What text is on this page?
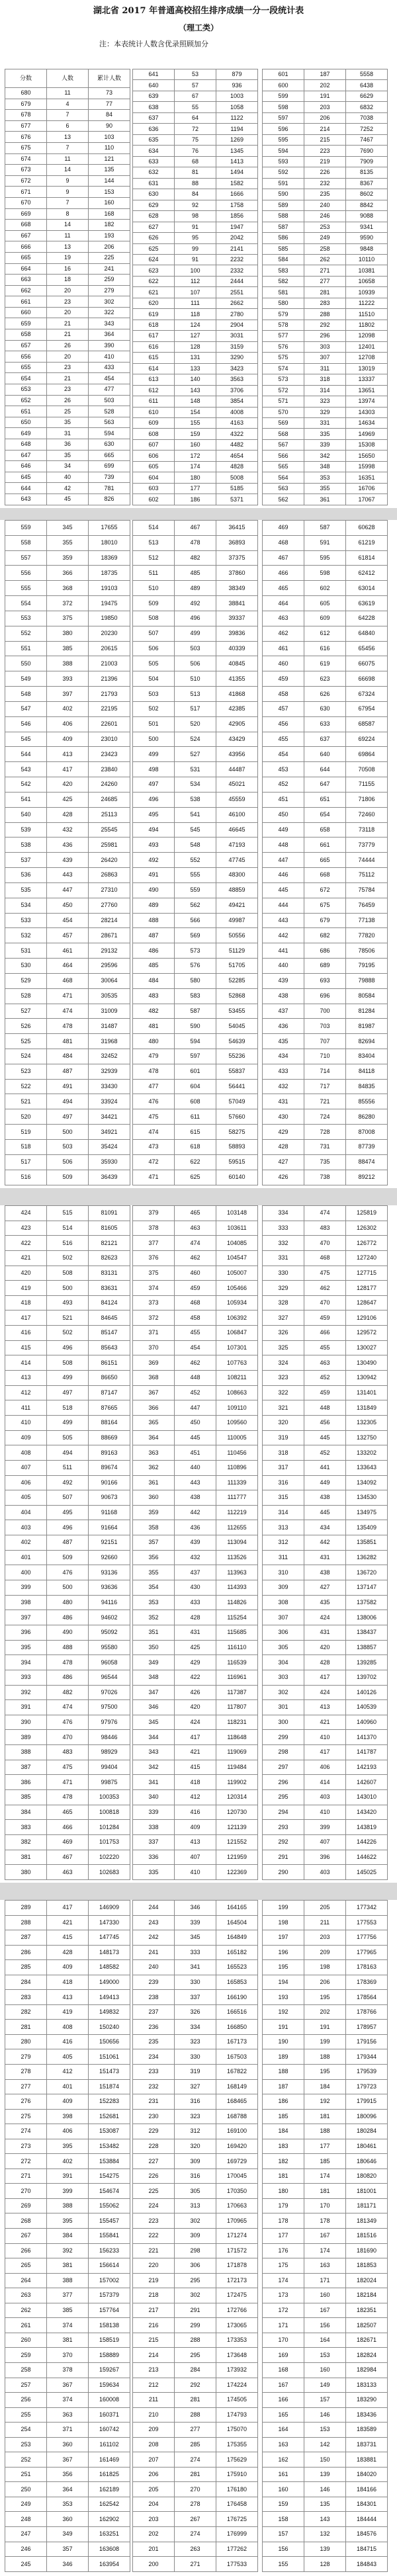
湖北省 2017 年普通高校招生排序成绩一分一段统计表
（理工类）
注：本表统计人数含优录照顾加分
分数	人数	累计人数
680	11	73
679	4	77
678	7	84
677	6	90
676	13	103
675	7	110
674	11	121
673	14	135
672	9	144
671	9	153
670	7	160
669	8	168
668	14	182
667	11	193
666	13	206
665	19	225
664	16	241
663	18	259
662	20	279
661	23	302
660	20	322
659	21	343
658	21	364
657	26	390
656	20	410
655	23	433
654	21	454
653	23	477
652	26	503
651	25	528
650	35	563
649	31	594
648	36	630
647	35	665
646	34	699
645	40	739
644	42	781
643	45	826
641	53	879
640	57	936
639	67	1003
638	55	1058
637	64	1122
636	72	1194
635	75	1269
634	76	1345
633	68	1413
632	81	1494
631	88	1582
630	84	1666
629	92	1758
628	98	1856
627	91	1947
626	95	2042
625	99	2141
624	91	2232
623	100	2332
622	112	2444
621	107	2551
620	111	2662
619	118	2780
618	124	2904
617	127	3031
616	128	3159
615	131	3290
614	133	3423
613	140	3563
612	143	3706
611	148	3854
610	154	4008
609	155	4163
608	159	4322
607	160	4482
606	172	4654
605	174	4828
604	180	5008
603	177	5185
602	186	5371
601	187	5558
600	202	6438
599	191	6629
598	203	6832
597	206	7038
596	214	7252
595	215	7467
594	223	7690
593	219	7909
592	226	8135
591	232	8367
590	235	8602
589	240	8842
588	246	9088
587	253	9341
586	249	9590
585	258	9848
584	262	10110
583	271	10381
582	277	10658
581	281	10939
580	283	11222
579	288	11510
578	292	11802
577	296	12098
576	303	12401
575	307	12708
574	311	13019
573	318	13337
572	314	13651
571	323	13974
570	329	14303
569	331	14634
568	335	14969
567	339	15308
566	342	15650
565	348	15998
564	353	16351
563	355	16706
562	361	17067
559	345	17655
558	355	18010
557	359	18369
556	366	18735
555	368	19103
554	372	19475
553	375	19850
552	380	20230
551	385	20615
550	388	21003
549	393	21396
548	397	21793
547	402	22195
546	406	22601
545	409	23010
544	413	23423
543	417	23840
542	420	24260
541	425	24685
540	428	25113
539	432	25545
538	436	25981
537	439	26420
536	443	26863
535	447	27310
534	450	27760
533	454	28214
532	457	28671
531	461	29132
530	464	29596
529	468	30064
528	471	30535
527	474	31009
526	478	31487
525	481	31968
524	484	32452
523	487	32939
522	491	33430
521	494	33924
520	497	34421
519	500	34921
518	503	35424
517	506	35930
516	509	36439
514	467	36415
513	478	36893
512	482	37375
511	485	37860
510	489	38349
509	492	38841
508	496	39337
507	499	39836
506	503	40339
505	506	40845
504	510	41355
503	513	41868
502	517	42385
501	520	42905
500	524	43429
499	527	43956
498	531	44487
497	534	45021
496	538	45559
495	541	46100
494	545	46645
493	548	47193
492	552	47745
491	555	48300
490	559	48859
489	562	49421
488	566	49987
487	569	50556
486	573	51129
485	576	51705
484	580	52285
483	583	52868
482	587	53455
481	590	54045
480	594	54639
479	597	55236
478	601	55837
477	604	56441
476	608	57049
475	611	57660
474	615	58275
473	618	58893
472	622	59515
471	625	60140
469	587	60628
468	591	61219
467	595	61814
466	598	62412
465	602	63014
464	605	63619
463	609	64228
462	612	64840
461	616	65456
460	619	66075
459	623	66698
458	626	67324
457	630	67954
456	633	68587
455	637	69224
454	640	69864
453	644	70508
452	647	71155
451	651	71806
450	654	72460
449	658	73118
448	661	73779
447	665	74444
446	668	75112
445	672	75784
444	675	76459
443	679	77138
442	682	77820
441	686	78506
440	689	79195
439	693	79888
438	696	80584
437	700	81284
436	703	81987
435	707	82694
434	710	83404
433	714	84118
432	717	84835
431	721	85556
430	724	86280
429	728	87008
428	731	87739
427	735	88474
426	738	89212
424	515	81091
423	514	81605
422	516	82121
421	502	82623
420	508	83131
419	500	83631
418	493	84124
417	521	84645
416	502	85147
415	496	85643
414	508	86151
413	499	86650
412	497	87147
411	518	87665
410	499	88164
409	505	88669
408	494	89163
407	511	89674
406	492	90166
405	507	90673
404	495	91168
403	496	91664
402	487	92151
401	509	92660
400	476	93136
399	500	93636
398	480	94116
397	486	94602
396	490	95092
395	488	95580
394	478	96058
393	486	96544
392	482	97026
391	474	97500
390	476	97976
389	470	98446
388	483	98929
387	475	99404
386	471	99875
385	478	100353
384	465	100818
383	466	101284
382	469	101753
381	467	102220
380	463	102683
379	465	103148
378	463	103611
377	474	104085
376	462	104547
375	460	105007
374	459	105466
373	468	105934
372	458	106392
371	455	106847
370	454	107301
369	462	107763
368	448	108211
367	452	108663
366	447	109110
365	450	109560
364	445	110005
363	451	110456
362	440	110896
361	443	111339
360	438	111777
359	442	112219
358	436	112655
357	439	113094
356	432	113526
355	437	113963
354	430	114393
353	433	114826
352	428	115254
351	431	115685
350	425	116110
349	429	116539
348	422	116961
347	426	117387
346	420	117807
345	424	118231
344	417	118648
343	421	119069
342	415	119484
341	418	119902
340	412	120314
339	416	120730
338	409	121139
337	413	121552
336	407	121959
335	410	122369
334	474	125819
333	483	126302
332	470	126772
331	468	127240
330	475	127715
329	462	128177
328	470	128647
327	459	129106
326	466	129572
325	455	130027
324	463	130490
323	452	130942
322	459	131401
321	448	131849
320	456	132305
319	445	132750
318	452	133202
317	441	133643
316	449	134092
315	438	134530
314	445	134975
313	434	135409
312	442	135851
311	431	136282
310	438	136720
309	427	137147
308	435	137582
307	424	138006
306	431	138437
305	420	138857
304	428	139285
303	417	139702
302	424	140126
301	413	140539
300	421	140960
299	410	141370
298	417	141787
297	406	142193
296	414	142607
295	403	143010
294	410	143420
293	399	143819
292	407	144226
291	396	144622
290	403	145025
289	417	146909
288	421	147330
287	415	147745
286	428	148173
285	409	148582
284	418	149000
283	413	149413
282	419	149832
281	408	150240
280	416	150656
279	405	151061
278	412	151473
277	401	151874
276	409	152283
275	398	152681
274	406	153087
273	395	153482
272	402	153884
271	391	154275
270	399	154674
269	388	155062
268	395	155457
267	384	155841
266	392	156233
265	381	156614
264	388	157002
263	377	157379
262	385	157764
261	374	158138
260	381	158519
259	370	158889
258	378	159267
257	367	159634
256	374	160008
255	363	160371
254	371	160742
253	360	161102
252	367	161469
251	356	161825
250	364	162189
249	353	162542
248	360	162902
247	349	163251
246	357	163608
245	346	163954
244	346	164165
243	339	164504
242	345	164849
241	333	165182
240	341	165523
239	330	165853
238	337	166190
237	326	166516
236	334	166850
235	323	167173
234	330	167503
233	319	167822
232	327	168149
231	316	168465
230	323	168788
229	312	169100
228	320	169420
227	309	169729
226	316	170045
225	305	170350
224	313	170663
223	302	170965
222	309	171274
221	298	171572
220	306	171878
219	295	172173
218	302	172475
217	291	172766
216	299	173065
215	288	173353
214	295	173648
213	284	173932
212	292	174224
211	281	174505
210	288	174793
209	277	175070
208	285	175355
207	274	175629
206	281	175910
205	270	176180
204	278	176458
203	267	176725
202	274	176999
201	263	177262
200	271	177533
199	205	177342
198	211	177553
197	203	177756
196	209	177965
195	198	178163
194	206	178369
193	195	178564
192	202	178766
191	191	178957
190	199	179156
189	188	179344
188	195	179539
187	184	179723
186	192	179915
185	181	180096
184	188	180284
183	177	180461
182	185	180646
181	174	180820
180	181	181001
179	170	181171
178	178	181349
177	167	181516
176	174	181690
175	163	181853
174	171	182024
173	160	182184
172	167	182351
171	156	182507
170	164	182671
169	153	182824
168	160	182984
167	149	183133
166	157	183290
165	146	183436
164	153	183589
163	142	183731
162	150	183881
161	139	184020
160	146	184166
159	135	184301
158	143	184444
157	132	184576
156	139	184715
155	128	184843
